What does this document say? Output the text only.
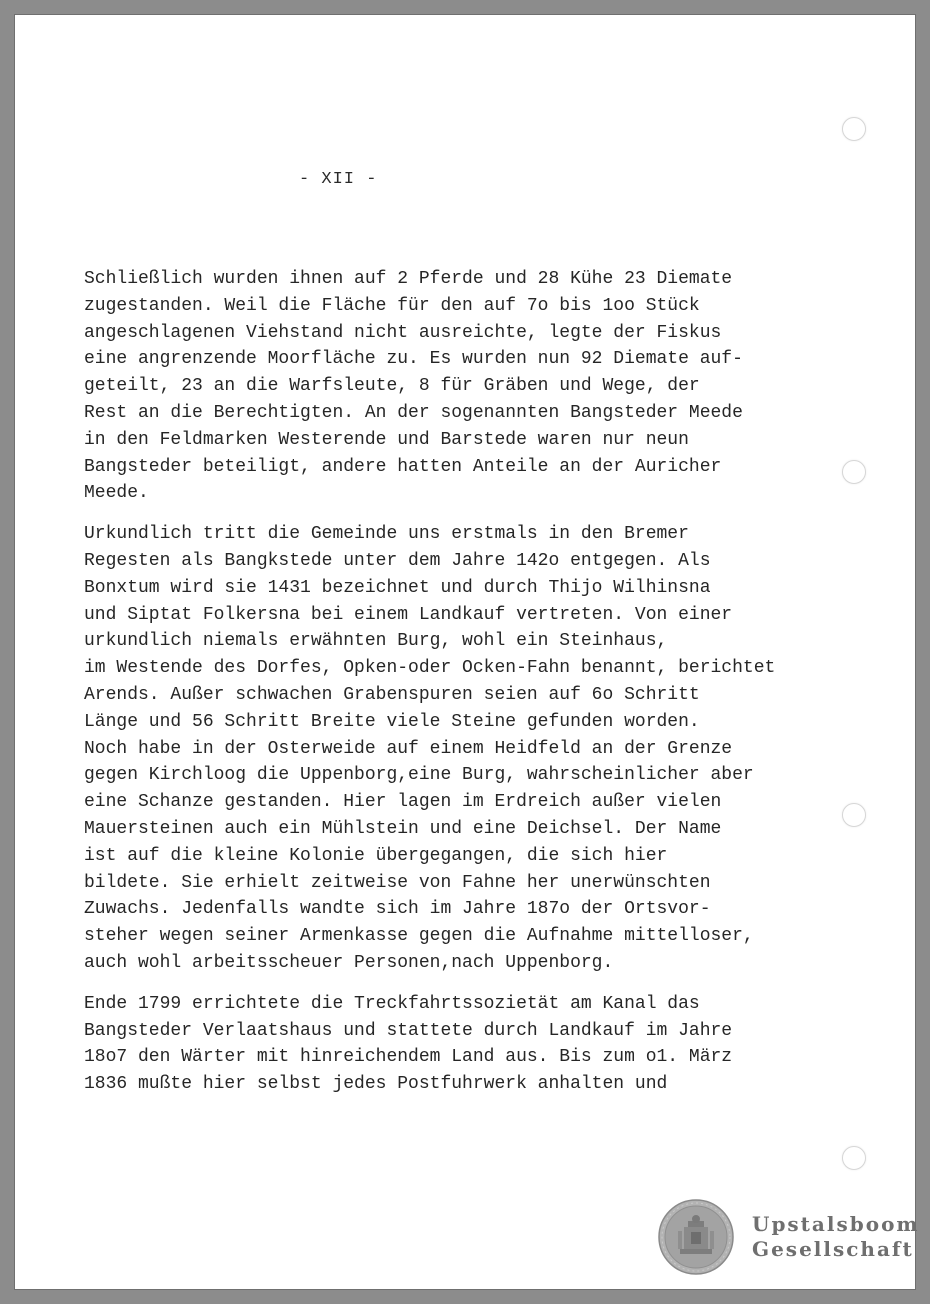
- XII -

Schließlich wurden ihnen auf 2 Pferde und 28 Kühe 23 Diemate
zugestanden. Weil die Fläche für den auf 7o bis 1oo Stück
angeschlagenen Viehstand nicht ausreichte, legte der Fiskus
eine angrenzende Moorfläche zu. Es wurden nun 92 Diemate auf-
geteilt, 23 an die Warfsleute, 8 für Gräben und Wege, der
Rest an die Berechtigten. An der sogenannten Bangsteder Meede
in den Feldmarken Westerende und Barstede waren nur neun
Bangsteder beteiligt, andere hatten Anteile an der Auricher
Meede.

Urkundlich tritt die Gemeinde uns erstmals in den Bremer
Regesten als Bangkstede unter dem Jahre 142o entgegen. Als
Bonxtum wird sie 1431 bezeichnet und durch Thijo Wilhinsna
und Siptat Folkersna bei einem Landkauf vertreten. Von einer
urkundlich niemals erwähnten Burg, wohl ein Steinhaus,
im Westende des Dorfes, Opken-oder Ocken-Fahn benannt, berichtet
Arends. Außer schwachen Grabenspuren seien auf 6o Schritt
Länge und 56 Schritt Breite viele Steine gefunden worden.
Noch habe in der Osterweide auf einem Heidfeld an der Grenze
gegen Kirchloog die Uppenborg,eine Burg, wahrscheinlicher aber
eine Schanze gestanden. Hier lagen im Erdreich außer vielen
Mauersteinen auch ein Mühlstein und eine Deichsel. Der Name
ist auf die kleine Kolonie übergegangen, die sich hier
bildete. Sie erhielt zeitweise von Fahne her unerwünschten
Zuwachs. Jedenfalls wandte sich im Jahre 187o der Ortsvor-
steher wegen seiner Armenkasse gegen die Aufnahme mittelloser,
auch wohl arbeitsscheuer Personen,nach Uppenborg.

Ende 1799 errichtete die Treckfahrtssozietät am Kanal das
Bangsteder Verlaatshaus und stattete durch Landkauf im Jahre
18o7 den Wärter mit hinreichendem Land aus. Bis zum o1. März
1836 mußte hier selbst jedes Postfuhrwerk anhalten und

Upstalsboom
Gesellschaft
